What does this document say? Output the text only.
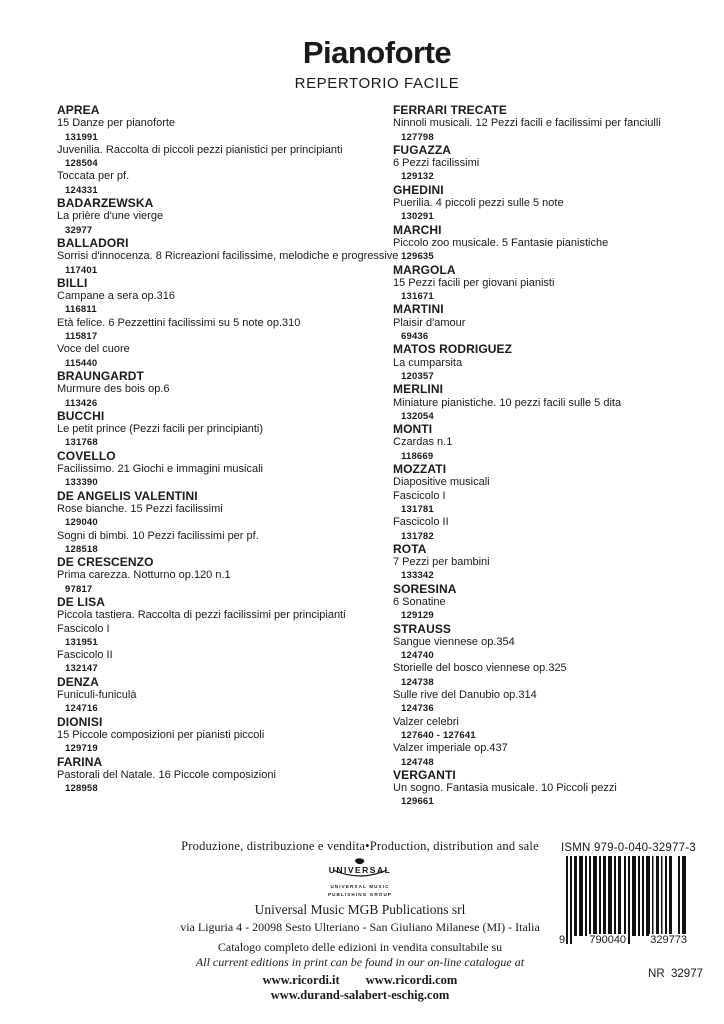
Pianoforte
REPERTORIO FACILE
APREA
15 Danze per pianoforte
131991
Juvenilia. Raccolta di piccoli pezzi pianistici per principianti
128504
Toccata per pf.
124331
BADARZEWSKA
La prière d'une vierge
32977
BALLADORI
Sorrisi d'innocenza. 8 Ricreazioni facilissime, melodiche e progressive
117401
BILLI
Campane a sera op.316
116811
Età felice. 6 Pezzettini facilissimi su 5 note op.310
115817
Voce del cuore
115440
BRAUNGARDT
Murmure des bois op.6
113426
BUCCHI
Le petit prince (Pezzi facili per principianti)
131768
COVELLO
Facilissimo. 21 Giochi e immagini musicali
133390
DE ANGELIS VALENTINI
Rose bianche. 15 Pezzi facilissimi
129040
Sogni di bimbi. 10 Pezzi facilissimi per pf.
128518
DE CRESCENZO
Prima carezza. Notturno op.120 n.1
97817
DE LISA
Piccola tastiera. Raccolta di pezzi facilissimi per principianti
Fascicolo I
131951
Fascicolo II
132147
DENZA
Funiculi-funiculà
124716
DIONISI
15 Piccole composizioni per pianisti piccoli
129719
FARINA
Pastorali del Natale. 16 Piccole composizioni
128958
FERRARI TRECATE
Ninnoli musicali. 12 Pezzi facili e facilissimi per fanciulli
127798
FUGAZZA
6 Pezzi facilissimi
129132
GHEDINI
Puerilia. 4 piccoli pezzi sulle 5 note
130291
MARCHI
Piccolo zoo musicale. 5 Fantasie pianistiche
129635
MARGOLA
15 Pezzi facili per giovani pianisti
131671
MARTINI
Plaisir d'amour
69436
MATOS RODRIGUEZ
La cumparsita
120357
MERLINI
Miniature pianistiche. 10 pezzi facili sulle 5 dita
132054
MONTI
Czardas n.1
118669
MOZZATI
Diapositive musicali
Fascicolo I
131781
Fascicolo II
131782
ROTA
7 Pezzi per bambini
133342
SORESINA
6 Sonatine
129129
STRAUSS
Sangue viennese op.354
124740
Storielle del bosco viennese op.325
124738
Sulle rive del Danubio op.314
124736
Valzer celebri
127640 - 127641
Valzer imperiale op.437
124748
VERGANTI
Un sogno. Fantasia musicale. 10 Piccoli pezzi
129661
Produzione, distribuzione e vendita•Production, distribution and sale
UNIVERSAL
UNIVERSAL MUSIC
PUBLISHING GROUP
Universal Music MGB Publications srl
via Liguria 4 - 20098 Sesto Ulteriano - San Giuliano Milanese (MI) - Italia
Catalogo completo delle edizioni in vendita consultabile su
All current editions in print can be found in our on-line catalogue at
www.ricordi.it www.ricordi.com
www.durand-salabert-eschig.com
ISMN 979-0-040-32977-3
9 790040 329773
NR  32977
